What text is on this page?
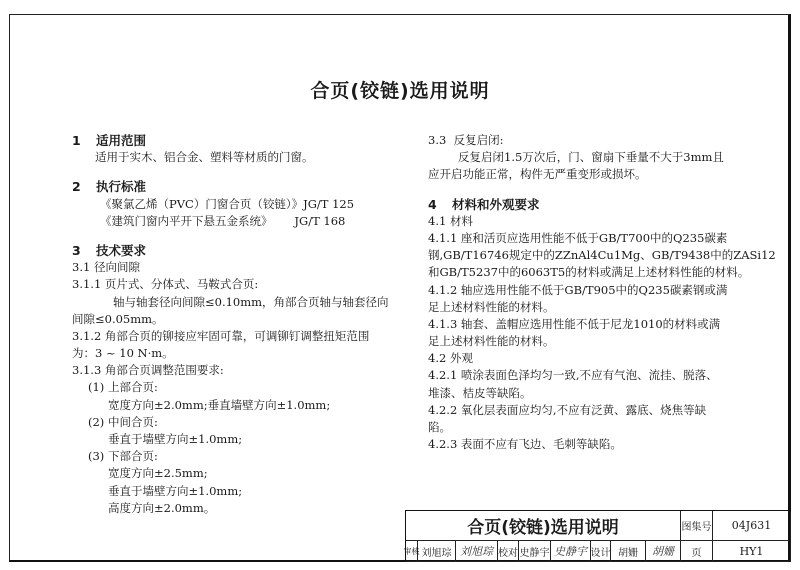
合页(铰链)选用说明
1 适用范围
适用于实木、铝合金、塑料等材质的门窗。
2 执行标准
《聚氯乙烯（PVC）门窗合页（铰链）》JG/T 125
《建筑门窗内平开下悬五金系统》      JG/T 168
3 技术要求
3.1 径向间隙
3.1.1 页片式、分体式、马鞍式合页:
轴与轴套径向间隙≤0.10mm，角部合页轴与轴套径向
间隙≤0.05mm。
3.1.2 角部合页的铆接应牢固可靠，可调铆钉调整扭矩范围
为：3 ~ 10 N·m。
3.1.3 角部合页调整范围要求:
(1) 上部合页:
宽度方向±2.0mm;垂直墙壁方向±1.0mm;
(2) 中间合页:
垂直于墙壁方向±1.0mm;
(3) 下部合页:
宽度方向±2.5mm;
垂直于墙壁方向±1.0mm;
高度方向±2.0mm。
3.3  反复启闭:
反复启闭1.5万次后，门、窗扇下垂量不大于3mm且
应开启功能正常，构件无严重变形或损坏。
4 材料和外观要求
4.1 材料
4.1.1 座和活页应选用性能不低于GB/T700中的Q235碳素
钢,GB/T16746规定中的ZZnAl4Cu1Mg、GB/T9438中的ZASi12
和GB/T5237中的6063T5的材料或满足上述材料性能的材料。
4.1.2 轴应选用性能不低于GB/T905中的Q235碳素钢或满
足上述材料性能的材料。
4.1.3 轴套、盖帽应选用性能不低于尼龙1010的材料或满
足上述材料性能的材料。
4.2 外观
4.2.1 喷涂表面色泽均匀一致,不应有气泡、流挂、脱落、
堆漆、桔皮等缺陷。
4.2.2 氧化层表面应均匀,不应有泛黄、露底、烧焦等缺
陷。
4.2.3 表面不应有飞边、毛刺等缺陷。
合页(铰链)选用说明	图集号	04J631
审核 刘旭琮 刘旭琮 校对 史静宇 史静宇 设计 胡姗	胡姗	页	HY1
